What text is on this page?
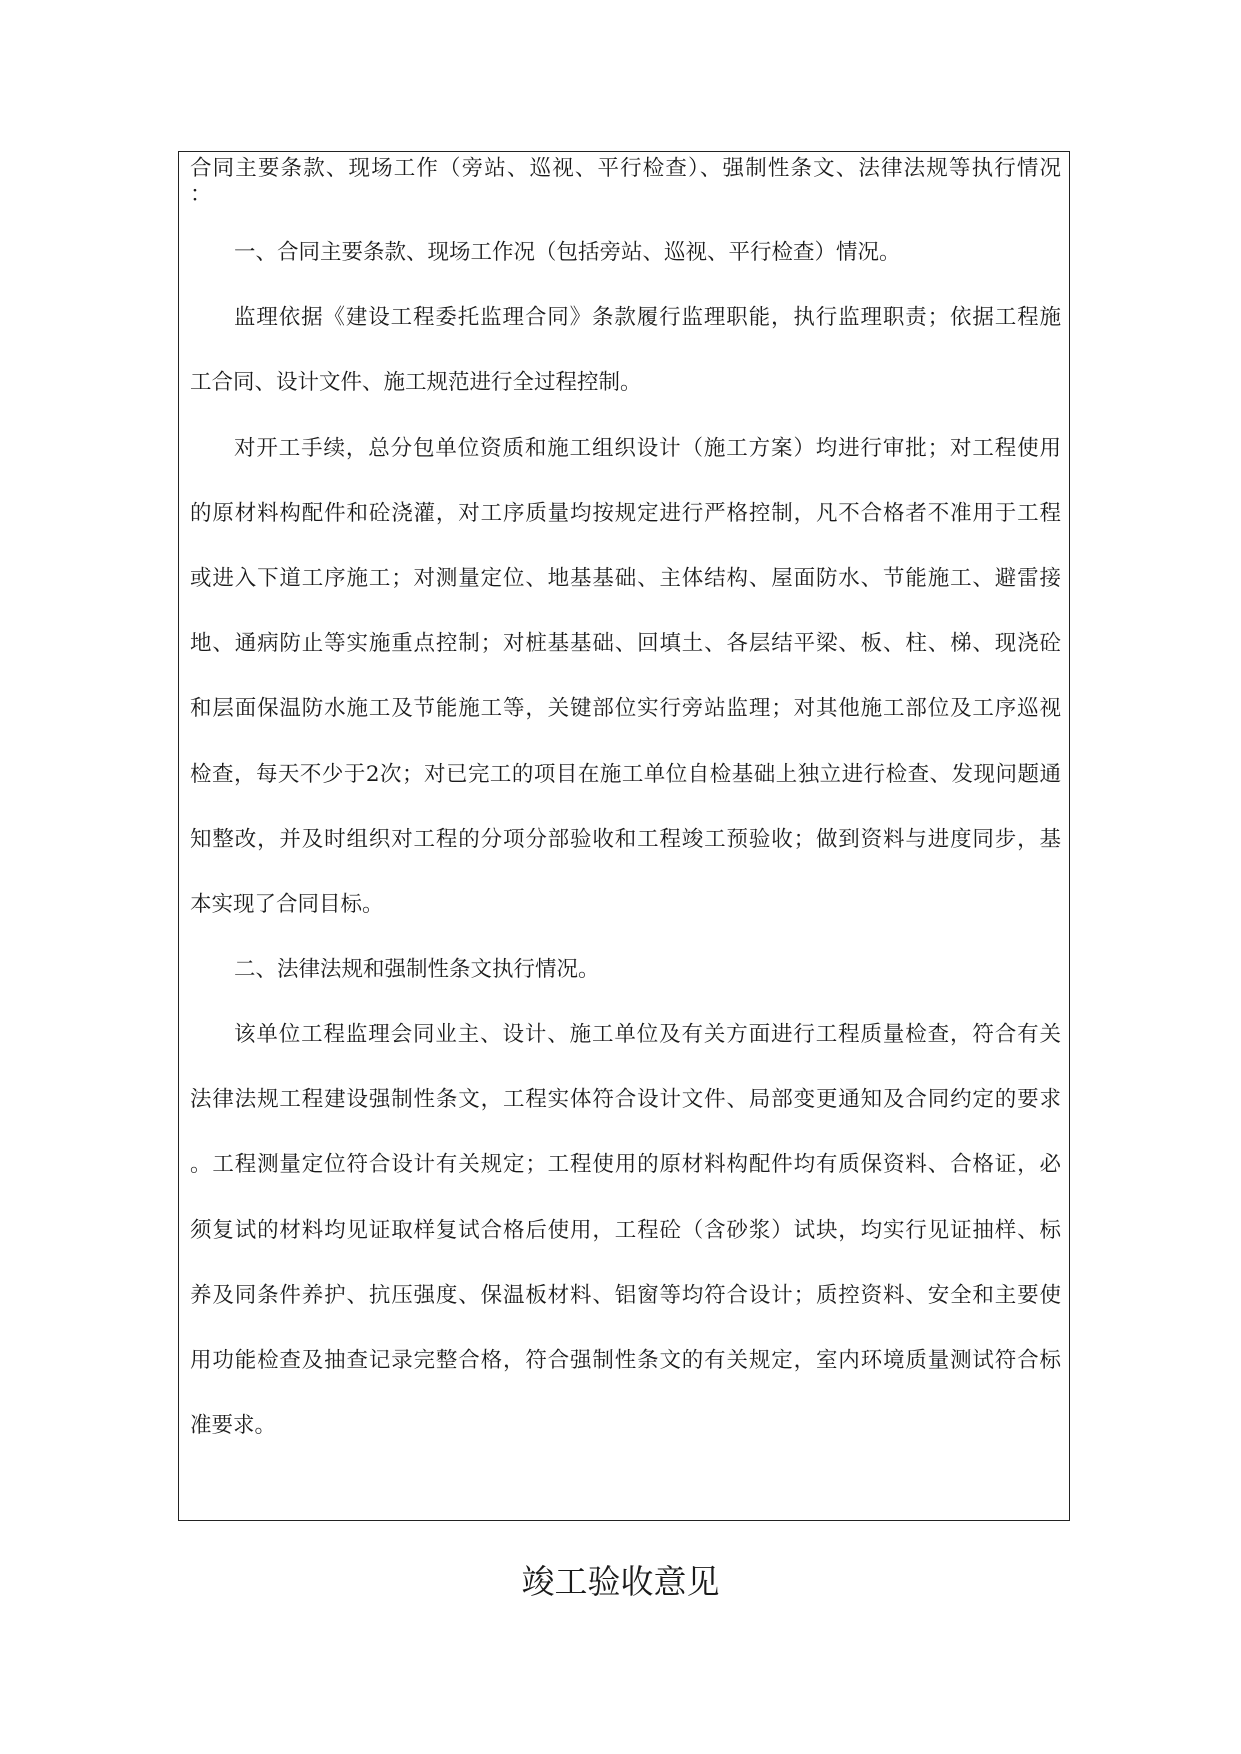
合同主要条款、现场工作（旁站、巡视、平行检查）、强制性条文、法律法规等执行情况

：

一、合同主要条款、现场工作况（包括旁站、巡视、平行检查）情况。

监理依据《建设工程委托监理合同》条款履行监理职能，执行监理职责；依据工程施

工合同、设计文件、施工规范进行全过程控制。

对开工手续，总分包单位资质和施工组织设计（施工方案）均进行审批；对工程使用

的原材料构配件和砼浇灌，对工序质量均按规定进行严格控制，凡不合格者不准用于工程

或进入下道工序施工；对测量定位、地基基础、主体结构、屋面防水、节能施工、避雷接

地、通病防止等实施重点控制；对桩基基础、回填土、各层结平梁、板、柱、梯、现浇砼

和层面保温防水施工及节能施工等，关键部位实行旁站监理；对其他施工部位及工序巡视

检查，每天不少于2次；对已完工的项目在施工单位自检基础上独立进行检查、发现问题通

知整改，并及时组织对工程的分项分部验收和工程竣工预验收；做到资料与进度同步，基

本实现了合同目标。

二、法律法规和强制性条文执行情况。

该单位工程监理会同业主、设计、施工单位及有关方面进行工程质量检查，符合有关

法律法规工程建设强制性条文，工程实体符合设计文件、局部变更通知及合同约定的要求

。工程测量定位符合设计有关规定；工程使用的原材料构配件均有质保资料、合格证，必

须复试的材料均见证取样复试合格后使用，工程砼（含砂浆）试块，均实行见证抽样、标

养及同条件养护、抗压强度、保温板材料、铝窗等均符合设计；质控资料、安全和主要使

用功能检查及抽查记录完整合格，符合强制性条文的有关规定，室内环境质量测试符合标

准要求。

竣工验收意见
